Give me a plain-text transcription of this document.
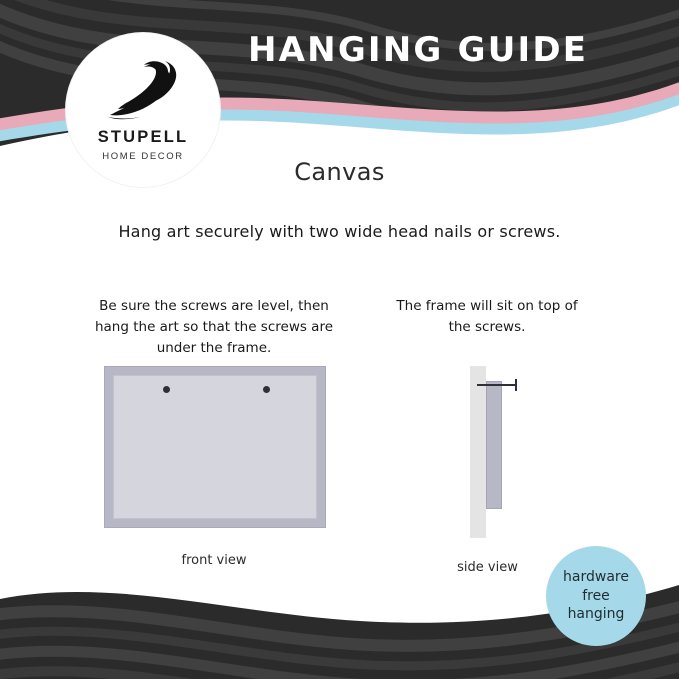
STUPELL
HOME DECOR
HANGING GUIDE
Canvas
Hang art securely with two wide head nails or screws.
Be sure the screws are level, then hang the art so that the screws are under the frame.
The frame will sit on top of the screws.
front view	side view
hardware
free
hanging
